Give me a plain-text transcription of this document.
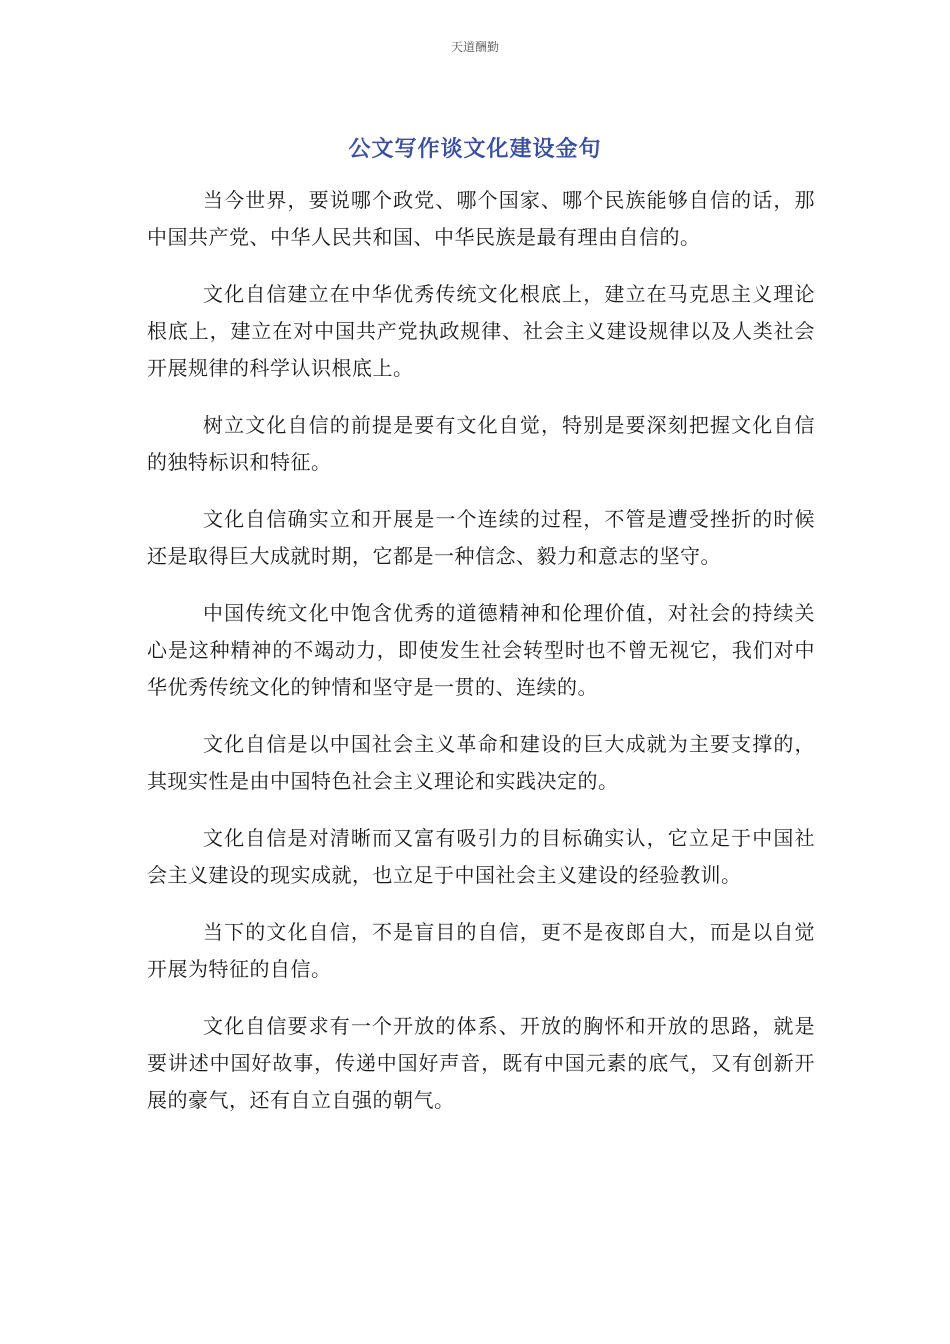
天道酬勤
公文写作谈文化建设金句

当今世界，要说哪个政党、哪个国家、哪个民族能够自信的话，那中国共产党、中华人民共和国、中华民族是最有理由自信的。

文化自信建立在中华优秀传统文化根底上，建立在马克思主义理论根底上，建立在对中国共产党执政规律、社会主义建设规律以及人类社会开展规律的科学认识根底上。

树立文化自信的前提是要有文化自觉，特别是要深刻把握文化自信的独特标识和特征。

文化自信确实立和开展是一个连续的过程，不管是遭受挫折的时候还是取得巨大成就时期，它都是一种信念、毅力和意志的坚守。

中国传统文化中饱含优秀的道德精神和伦理价值，对社会的持续关心是这种精神的不竭动力，即使发生社会转型时也不曾无视它，我们对中华优秀传统文化的钟情和坚守是一贯的、连续的。

文化自信是以中国社会主义革命和建设的巨大成就为主要支撑的，其现实性是由中国特色社会主义理论和实践决定的。

文化自信是对清晰而又富有吸引力的目标确实认，它立足于中国社会主义建设的现实成就，也立足于中国社会主义建设的经验教训。

当下的文化自信，不是盲目的自信，更不是夜郎自大，而是以自觉开展为特征的自信。

文化自信要求有一个开放的体系、开放的胸怀和开放的思路，就是要讲述中国好故事，传递中国好声音，既有中国元素的底气，又有创新开展的豪气，还有自立自强的朝气。
